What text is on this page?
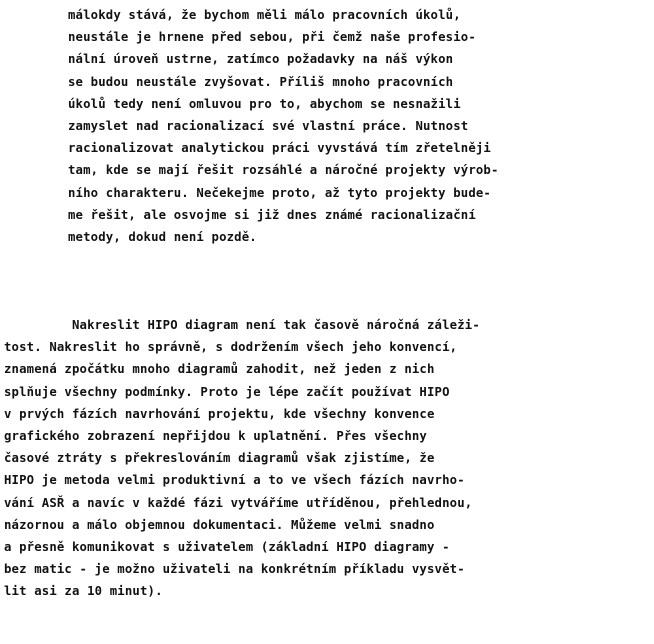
málokdy stává, že bychom měli málo pracovních úkolů,
neustále je hrnene před sebou, při čemž naše profesio-
nální úroveň ustrne, zatímco požadavky na náš výkon
se budou neustále zvyšovat. Příliš mnoho pracovních
úkolů tedy není omluvou pro to, abychom se nesnažili
zamyslet nad racionalizací své vlastní práce. Nutnost
racionalizovat analytickou práci vyvstává tím zřetelněji
tam, kde se mají řešit rozsáhlé a náročné projekty výrob-
ního charakteru. Nečekejme proto, až tyto projekty bude-
me řešit, ale osvojme si již dnes známé racionalizační
metody, dokud není pozdě.
Nakreslit HIPO diagram není tak časově náročná záleži-
tost. Nakreslit ho správně, s dodržením všech jeho konvencí,
znamená zpočátku mnoho diagramů zahodit, než jeden z nich
splňuje všechny podmínky. Proto je lépe začít používat HIPO
v prvých fázích navrhování projektu, kde všechny konvence
grafického zobrazení nepřijdou k uplatnění. Přes všechny
časové ztráty s překreslováním diagramů však zjistíme, že
HIPO je metoda velmi produktivní a to ve všech fázích navrho-
vání ASŘ a navíc v každé fázi vytváříme utříděnou, přehlednou,
názornou a málo objemnou dokumentaci. Můžeme velmi snadno
a přesně komunikovat s uživatelem (základní HIPO diagramy -
bez matic - je možno uživateli na konkrétním příkladu vysvět-
lit asi za 10 minut).
